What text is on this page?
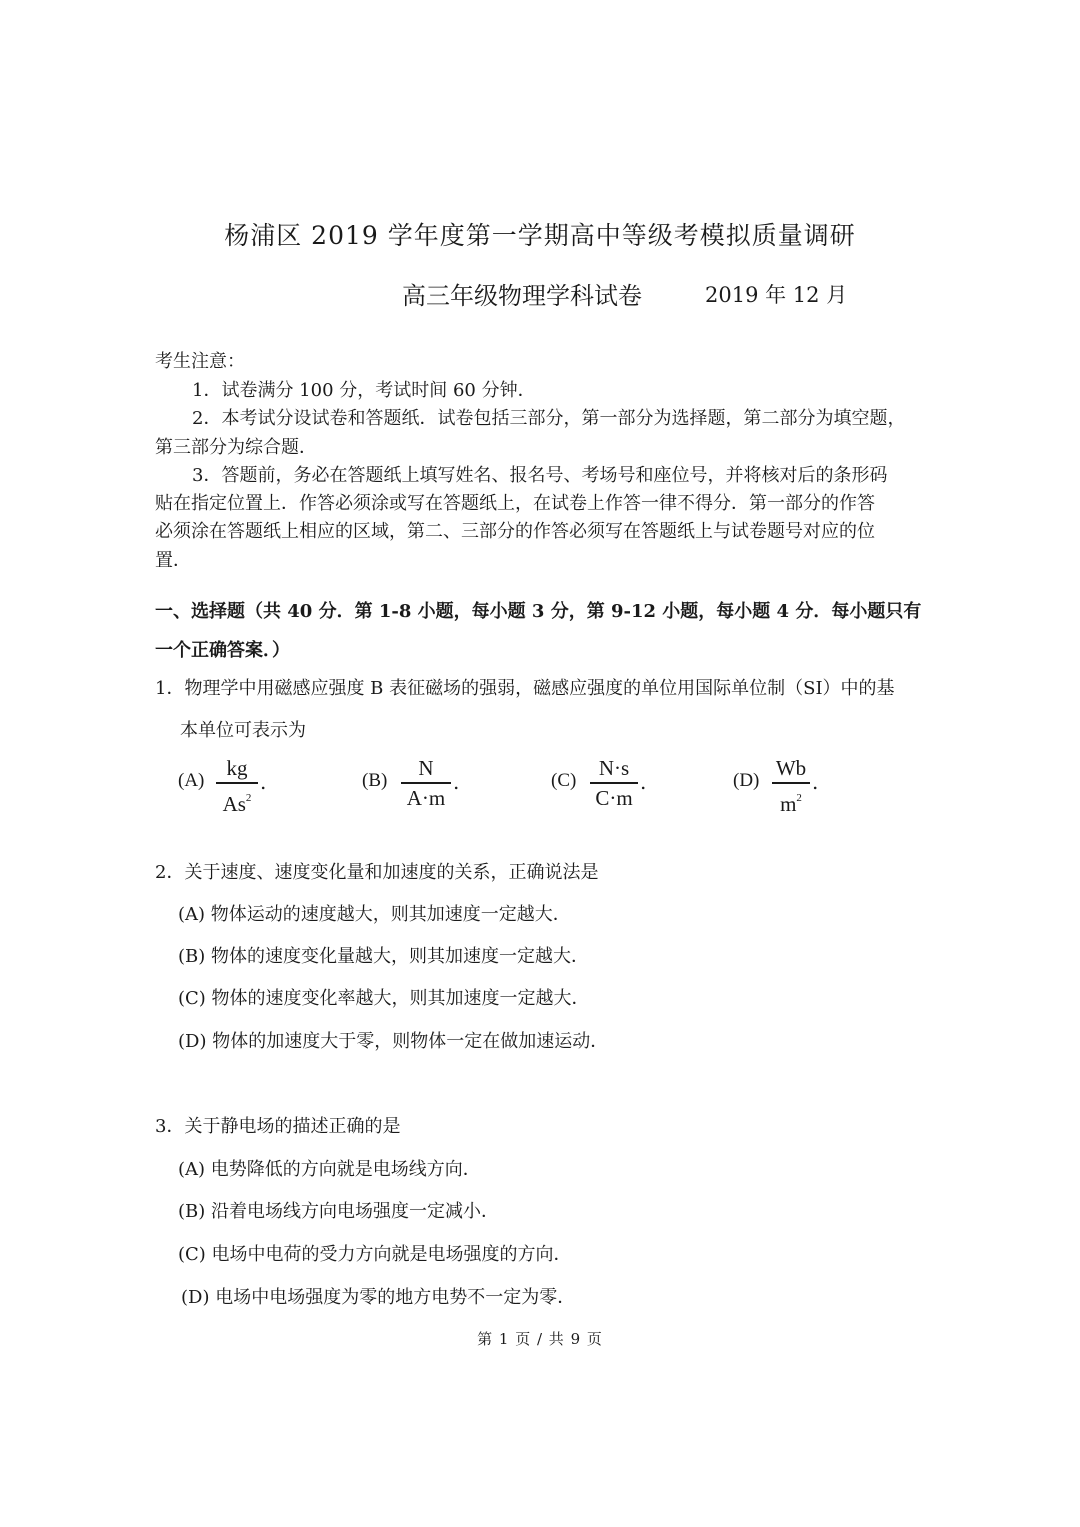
杨浦区 2019 学年度第一学期高中等级考模拟质量调研
高三年级物理学科试卷	2019 年 12 月
考生注意：
1．试卷满分 100 分，考试时间 60 分钟．
2．本考试分设试卷和答题纸．试卷包括三部分，第一部分为选择题，第二部分为填空题，
第三部分为综合题．
3．答题前，务必在答题纸上填写姓名、报名号、考场号和座位号，并将核对后的条形码
贴在指定位置上．作答必须涂或写在答题纸上，在试卷上作答一律不得分．第一部分的作答
必须涂在答题纸上相应的区域，第二、三部分的作答必须写在答题纸上与试卷题号对应的位
置．
一、选择题（共 40 分．第 1-8 小题，每小题 3 分，第 9-12 小题，每小题 4 分．每小题只有
一个正确答案．）
1．物理学中用磁感应强度 B 表征磁场的强弱，磁感应强度的单位用国际单位制（SI）中的基
本单位可表示为
(A)
kg
As$^2$
.	(B)
N
A·m
.	(C)
N·s
C·m
.	(D)
Wb
$m^2$
.
2．关于速度、速度变化量和加速度的关系，正确说法是
(A) 物体运动的速度越大，则其加速度一定越大．
(B) 物体的速度变化量越大，则其加速度一定越大．
(C) 物体的速度变化率越大，则其加速度一定越大．
(D) 物体的加速度大于零，则物体一定在做加速运动．
3．关于静电场的描述正确的是
(A) 电势降低的方向就是电场线方向．
(B) 沿着电场线方向电场强度一定减小．
(C) 电场中电荷的受力方向就是电场强度的方向．
(D) 电场中电场强度为零的地方电势不一定为零．
第 1 页 / 共 9 页
